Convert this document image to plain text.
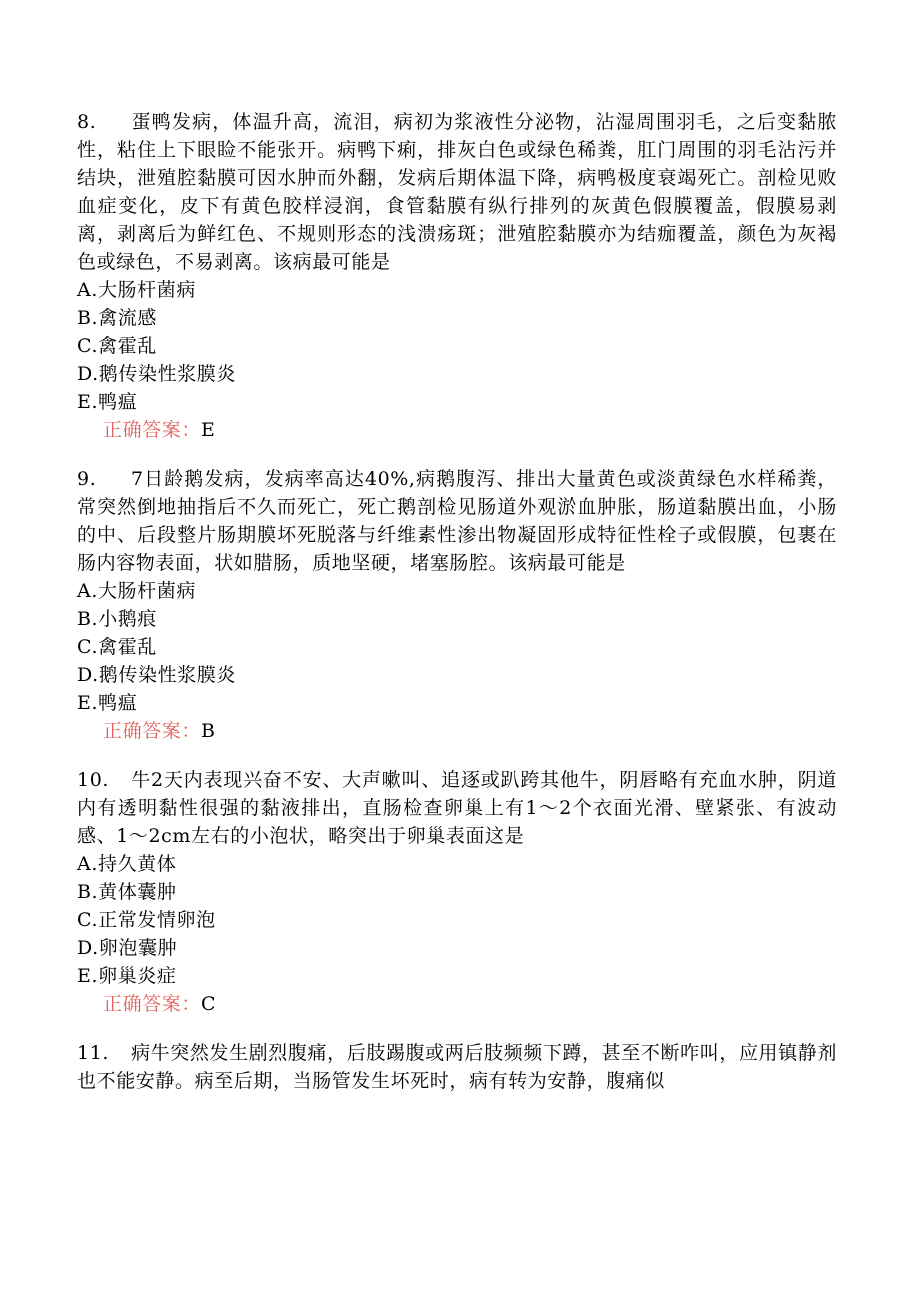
8. 蛋鸭发病，体温升高，流泪，病初为浆液性分泌物，沾湿周围羽毛，之后变黏脓性，粘住上下眼睑不能张开。病鸭下痢，排灰白色或绿色稀粪，肛门周围的羽毛沾污并结块，泄殖腔黏膜可因水肿而外翻，发病后期体温下降，病鸭极度衰竭死亡。剖检见败血症变化，皮下有黄色胶样浸润，食管黏膜有纵行排列的灰黄色假膜覆盖，假膜易剥离，剥离后为鲜红色、不规则形态的浅溃疡斑；泄殖腔黏膜亦为结痂覆盖，颜色为灰褐色或绿色，不易剥离。该病最可能是

A.大肠杆菌病
B.禽流感
C.禽霍乱
D.鹅传染性浆膜炎
E.鸭瘟
正确答案：E

9. 7日龄鹅发病，发病率高达40%,病鹅腹泻、排出大量黄色或淡黄绿色水样稀粪，常突然倒地抽指后不久而死亡，死亡鹅剖检见肠道外观淤血肿胀，肠道黏膜出血，小肠的中、后段整片肠期膜坏死脱落与纤维素性渗出物凝固形成特征性栓子或假膜，包裹在肠内容物表面，状如腊肠，质地坚硬，堵塞肠腔。该病最可能是

A.大肠杆菌病
B.小鹅痕
C.禽霍乱
D.鹅传染性浆膜炎
E.鸭瘟
正确答案：B

10. 牛2天内表现兴奋不安、大声嗽叫、追逐或趴跨其他牛，阴唇略有充血水肿，阴道内有透明黏性很强的黏液排出，直肠检查卵巢上有1～2个衣面光滑、壁紧张、有波动感、1～2cm左右的小泡状，略突出于卵巢表面这是

A.持久黄体
B.黄体囊肿
C.正常发情卵泡
D.卵泡囊肿
E.卵巢炎症
正确答案：C

11. 病牛突然发生剧烈腹痛，后肢踢腹或两后肢频频下蹲，甚至不断咋叫，应用镇静剂也不能安静。病至后期，当肠管发生坏死时，病有转为安静，腹痛似
